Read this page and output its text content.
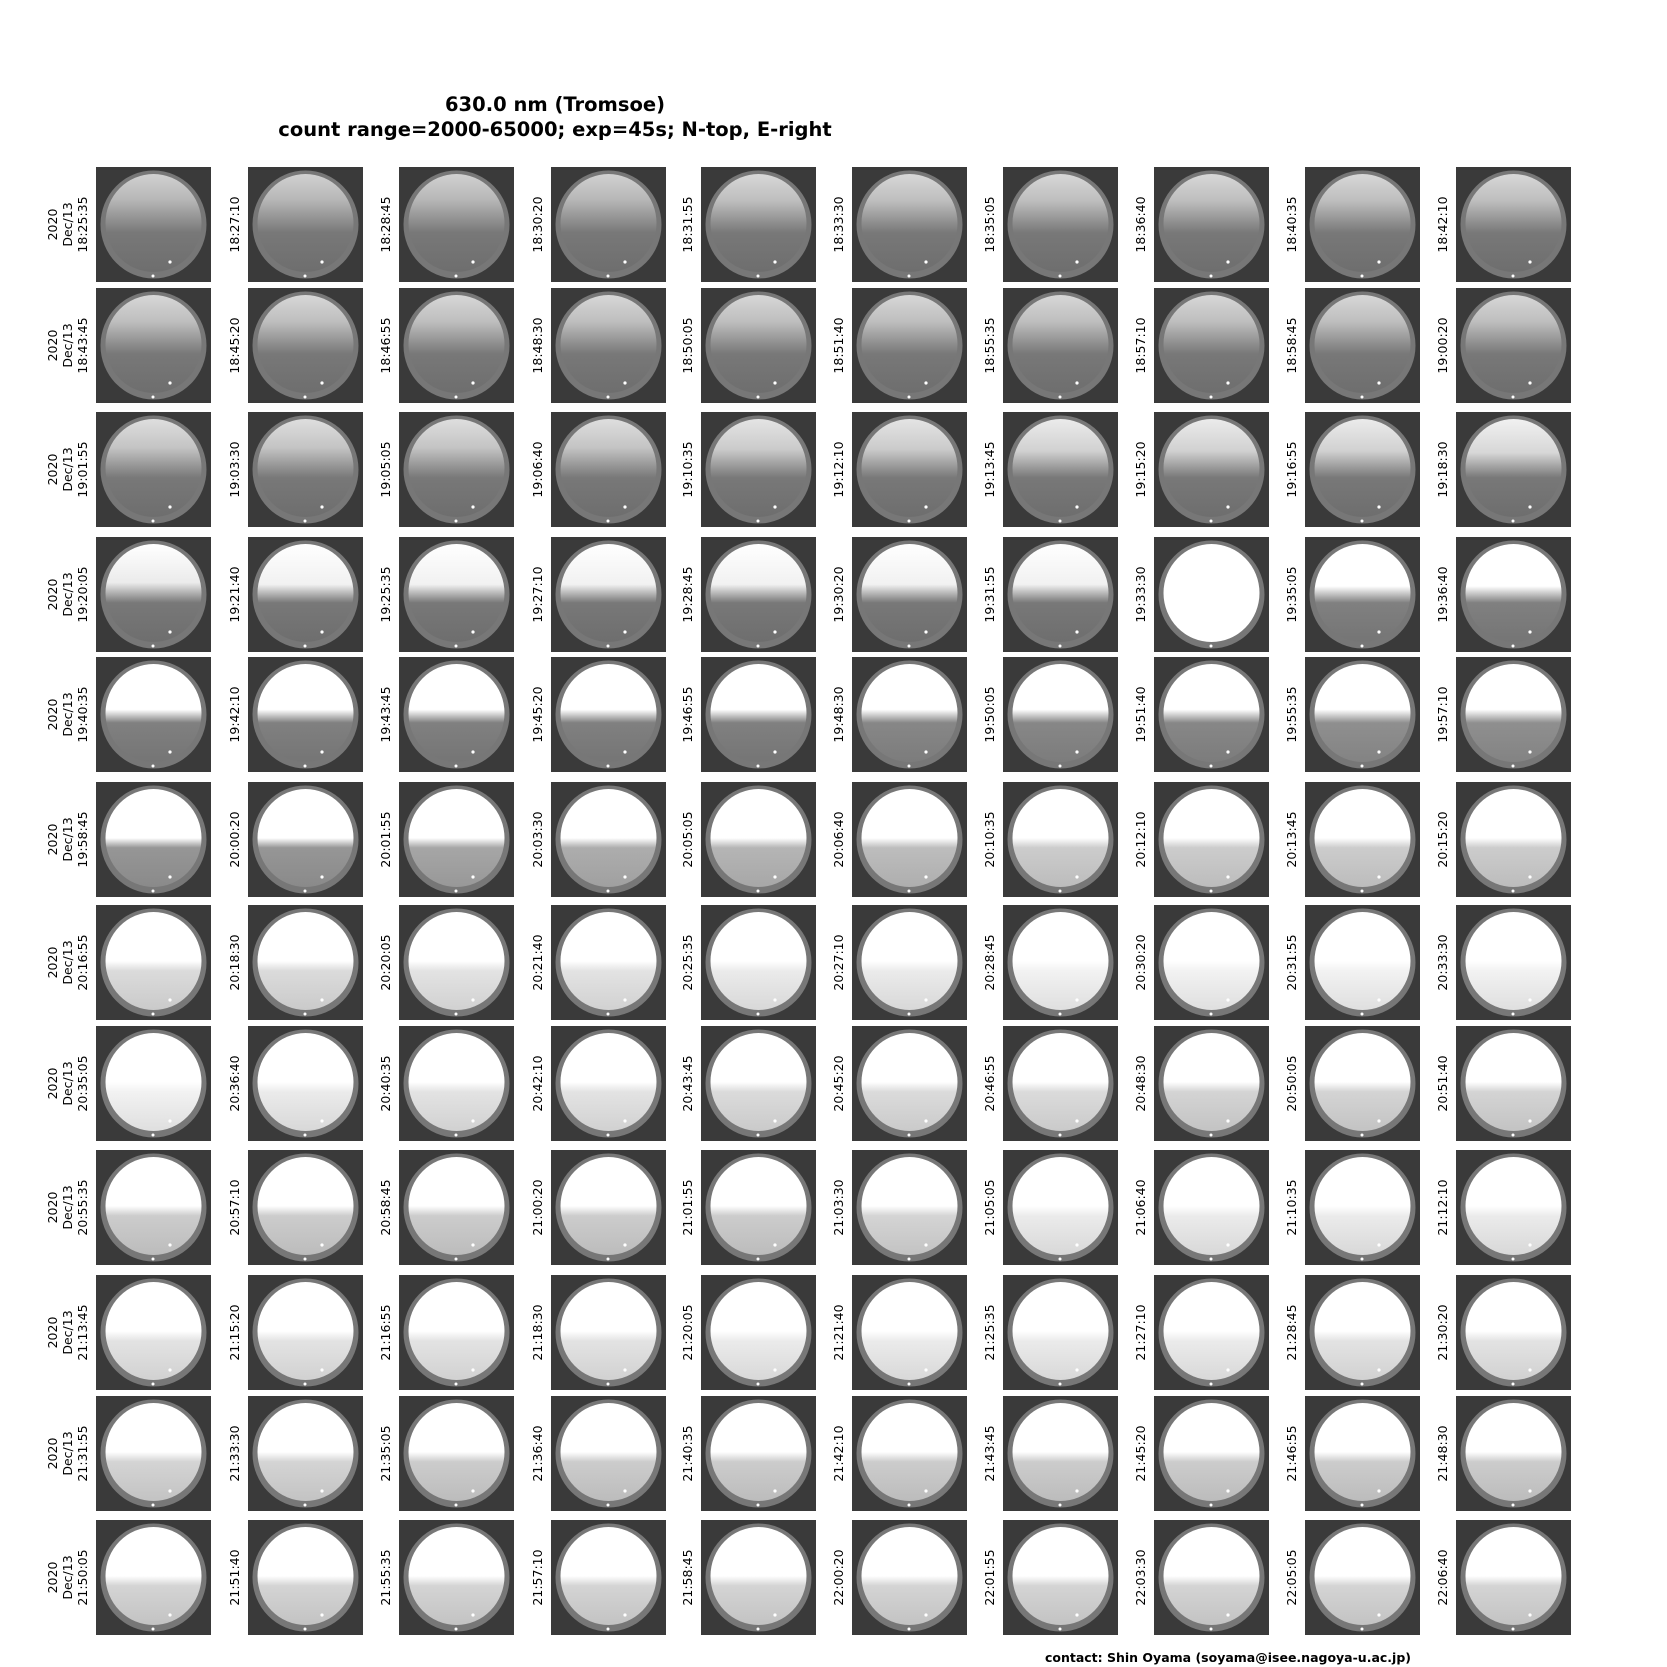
630.0 nm (Tromsoe)
count range=2000-65000; exp=45s; N-top, E-right
2020 Dec/13 18:25:35	18:27:10	18:28:45	18:30:20	18:31:55	18:33:30	18:35:05	18:36:40	18:40:35	18:42:10
2020 Dec/13 18:43:45	18:45:20	18:46:55	18:48:30	18:50:05	18:51:40	18:55:35	18:57:10	18:58:45	19:00:20
2020 Dec/13 19:01:55	19:03:30	19:05:05	19:06:40	19:10:35	19:12:10	19:13:45	19:15:20	19:16:55	19:18:30
2020 Dec/13 19:20:05	19:21:40	19:25:35	19:27:10	19:28:45	19:30:20	19:31:55	19:33:30	19:35:05	19:36:40
2020 Dec/13 19:40:35	19:42:10	19:43:45	19:45:20	19:46:55	19:48:30	19:50:05	19:51:40	19:55:35	19:57:10
2020 Dec/13 19:58:45	20:00:20	20:01:55	20:03:30	20:05:05	20:06:40	20:10:35	20:12:10	20:13:45	20:15:20
2020 Dec/13 20:16:55	20:18:30	20:20:05	20:21:40	20:25:35	20:27:10	20:28:45	20:30:20	20:31:55	20:33:30
2020 Dec/13 20:35:05	20:36:40	20:40:35	20:42:10	20:43:45	20:45:20	20:46:55	20:48:30	20:50:05	20:51:40
2020 Dec/13 20:55:35	20:57:10	20:58:45	21:00:20	21:01:55	21:03:30	21:05:05	21:06:40	21:10:35	21:12:10
2020 Dec/13 21:13:45	21:15:20	21:16:55	21:18:30	21:20:05	21:21:40	21:25:35	21:27:10	21:28:45	21:30:20
2020 Dec/13 21:31:55	21:33:30	21:35:05	21:36:40	21:40:35	21:42:10	21:43:45	21:45:20	21:46:55	21:48:30
2020 Dec/13 21:50:05	21:51:40	21:55:35	21:57:10	21:58:45	22:00:20	22:01:55	22:03:30	22:05:05	22:06:40
contact: Shin Oyama (soyama@isee.nagoya-u.ac.jp)
